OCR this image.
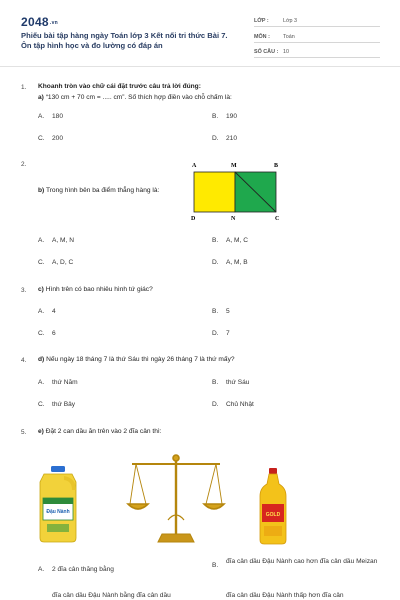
2048.vn
Phiếu bài tập hàng ngày Toán lớp 3 Kết nối tri thức Bài 7.
Ôn tập hình học và đo lường có đáp án
LỚP :	Lớp 3
MÔN : Toán
SỐ CÂU : 10
1. Khoanh tròn vào chữ cái đặt trước câu trả lời đúng:
a) “130 cm + 70 cm = ..... cm”. Số thích hợp điền vào chỗ chấm là:
A. 180	B. 190
C. 200	D. 210
2.
b) Trong hình bên ba điểm thẳng hàng là:
A	M	B
D	N	C
A. A, M, N	B. A, M, C
C. A, D, C	D. A, M, B
3. c) Hình trên có bao nhiêu hình tứ giác?
A. 4	B. 5
C. 6	D. 7
4. d) Nếu ngày 18 tháng 7 là thứ Sáu thì ngày 26 tháng 7 là thứ mấy?
A. thứ Năm	B. thứ Sáu
C. thứ Bảy	D. Chủ Nhật
5. e) Đặt 2 can dầu ăn trên vào 2 đĩa cân thì:
Đậu Nành	GOLD
A. 2 đĩa cân thăng bằng
B.
đĩa cân dầu Đậu Nành cao hơn đĩa cân dầu Meizan
đĩa cân dầu Đậu Nành bằng đĩa cân dầu	đĩa cân dầu Đậu Nành thấp hơn đĩa cân
